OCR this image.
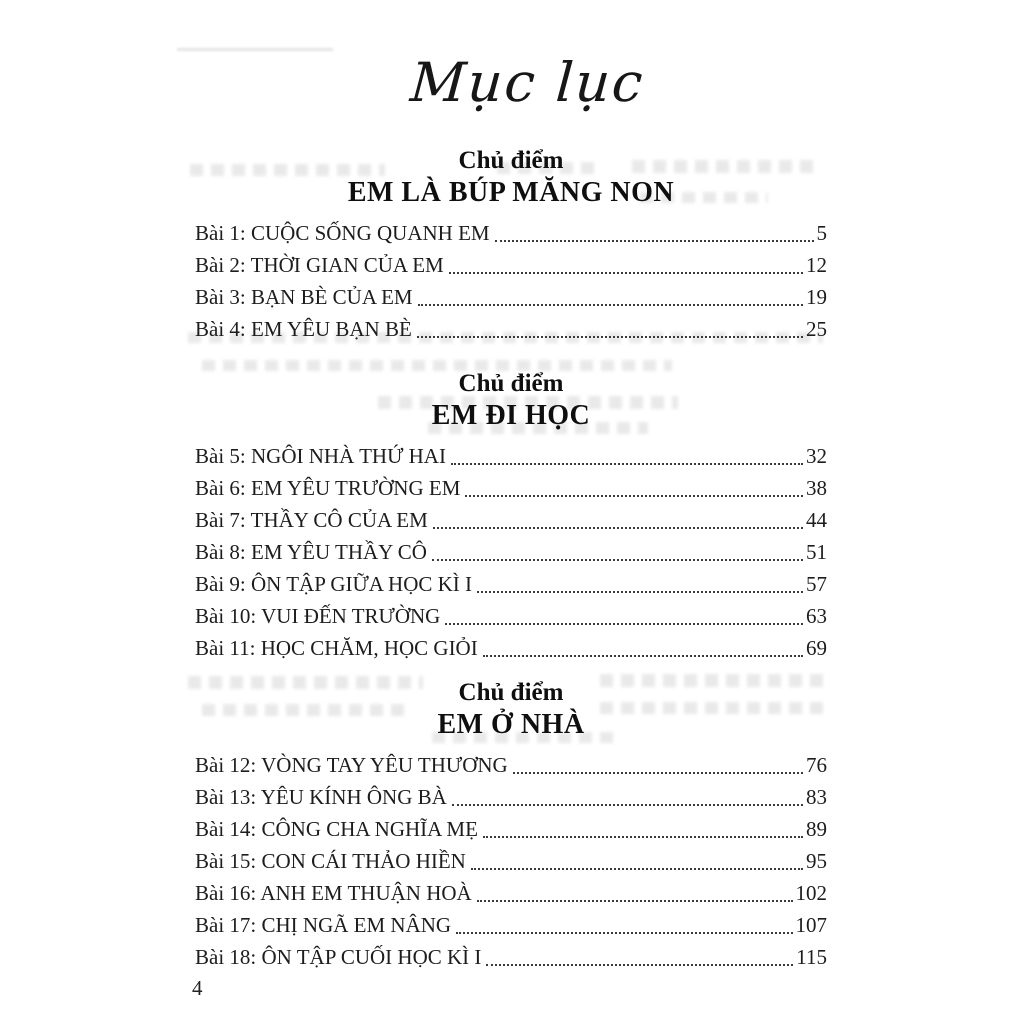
Mục lục
Chủ điểm
EM LÀ BÚP MĂNG NON
Bài 1: CUỘC SỐNG QUANH EM	5
Bài 2: THỜI GIAN CỦA EM	12
Bài 3: BẠN BÈ CỦA EM	19
Bài 4: EM YÊU BẠN BÈ	25
Chủ điểm
EM ĐI HỌC
Bài 5: NGÔI NHÀ THỨ HAI	32
Bài 6: EM YÊU TRƯỜNG EM	38
Bài 7: THẦY CÔ CỦA EM	44
Bài 8: EM YÊU THẦY CÔ	51
Bài 9: ÔN TẬP GIỮA HỌC KÌ I	57
Bài 10: VUI ĐẾN TRƯỜNG	63
Bài 11: HỌC CHĂM, HỌC GIỎI	69
Chủ điểm
EM Ở NHÀ
Bài 12: VÒNG TAY YÊU THƯƠNG	76
Bài 13: YÊU KÍNH ÔNG BÀ	83
Bài 14: CÔNG CHA NGHĨA MẸ	89
Bài 15: CON CÁI THẢO HIỀN	95
Bài 16: ANH EM THUẬN HOÀ	102
Bài 17: CHỊ NGÃ EM NÂNG	107
Bài 18: ÔN TẬP CUỐI HỌC KÌ I	115
4
